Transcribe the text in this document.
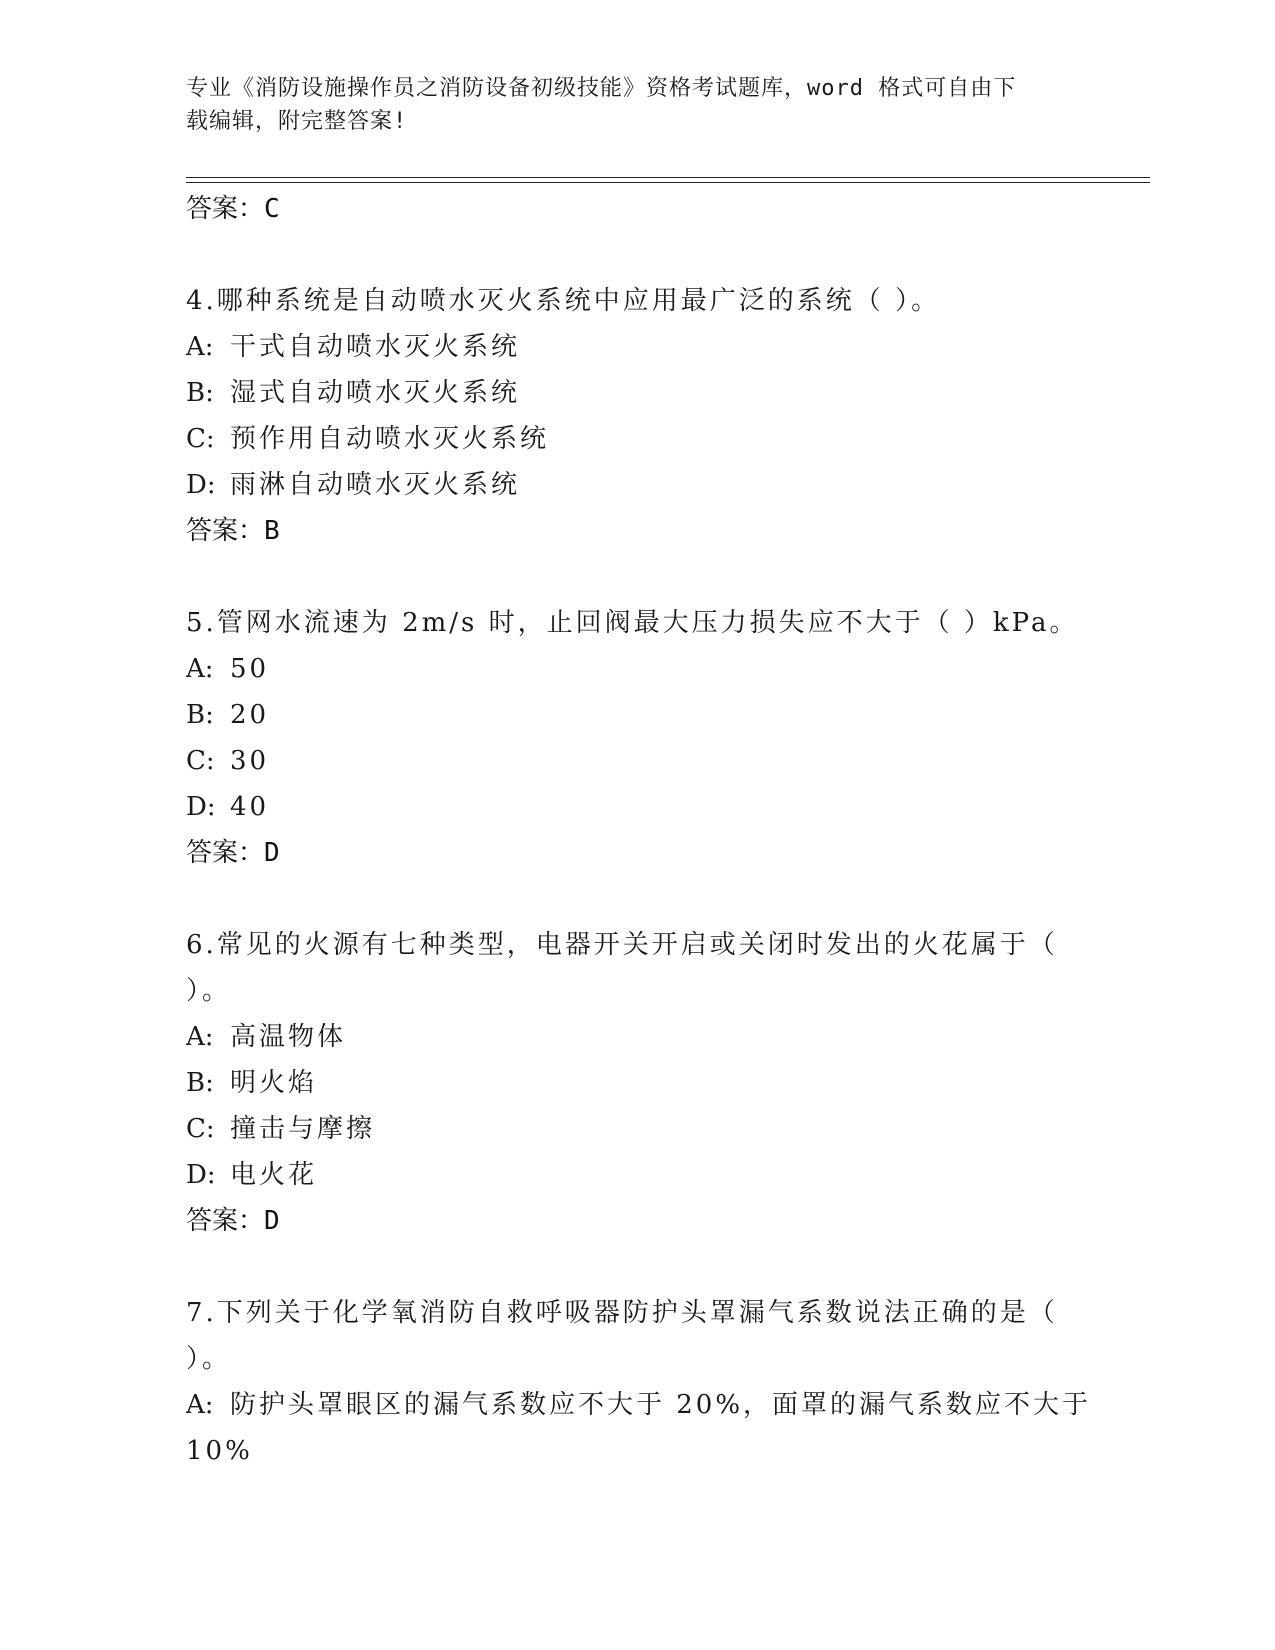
专业《消防设施操作员之消防设备初级技能》资格考试题库，word 格式可自由下
载编辑，附完整答案!
答案：C
4.哪种系统是自动喷水灭火系统中应用最广泛的系统（ ）。
A: 干式自动喷水灭火系统
B: 湿式自动喷水灭火系统
C: 预作用自动喷水灭火系统
D: 雨淋自动喷水灭火系统
答案：B
5.管网水流速为 2m/s 时，止回阀最大压力损失应不大于（ ）kPa。
A: 50
B: 20
C: 30
D: 40
答案：D
6.常见的火源有七种类型，电器开关开启或关闭时发出的火花属于（
）。
A: 高温物体
B: 明火焰
C: 撞击与摩擦
D: 电火花
答案：D
7.下列关于化学氧消防自救呼吸器防护头罩漏气系数说法正确的是（
）。
A: 防护头罩眼区的漏气系数应不大于 20%，面罩的漏气系数应不大于
10%
